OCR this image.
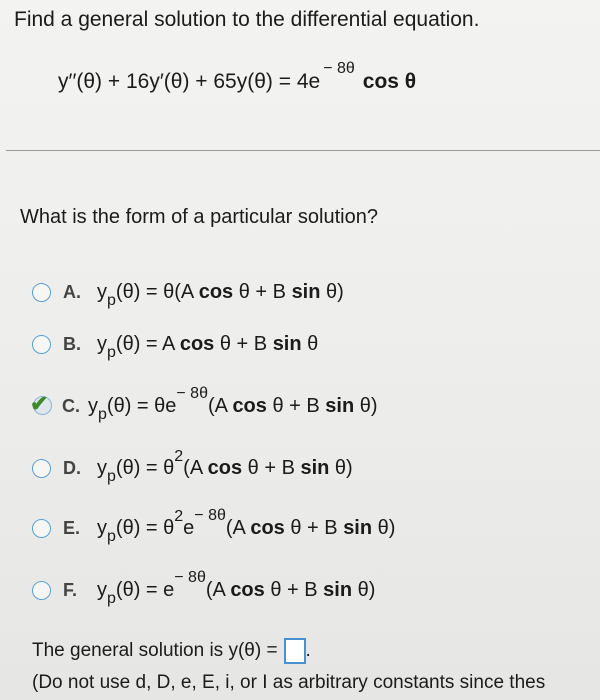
Find a general solution to the differential equation.
$y''(\theta) + 16y'(\theta) + 65y(\theta) = 4e^{- 8\theta}\cos$ θ
What is the form of a particular solution?
A. $y_p(\theta) = \theta(A$ cos θ + B sin θ)
B. $y_p(\theta) = A$ cos θ + B sin θ
✔ C. $y_p(\theta) = \theta e^{- 8\theta}(A$ cos θ + B sin θ)
D. $y_p(\theta) = \theta^2(A$ cos θ + B sin θ)
E. $y_p(\theta) = \theta^2e^{- 8\theta}(A$ cos θ + B sin θ)
F. $y_p(\theta) = e^{- 8\theta}(A$ cos θ + B sin θ)
The general solution is y(θ) = .
(Do not use d, D, e, E, i, or I as arbitrary constants since thes
